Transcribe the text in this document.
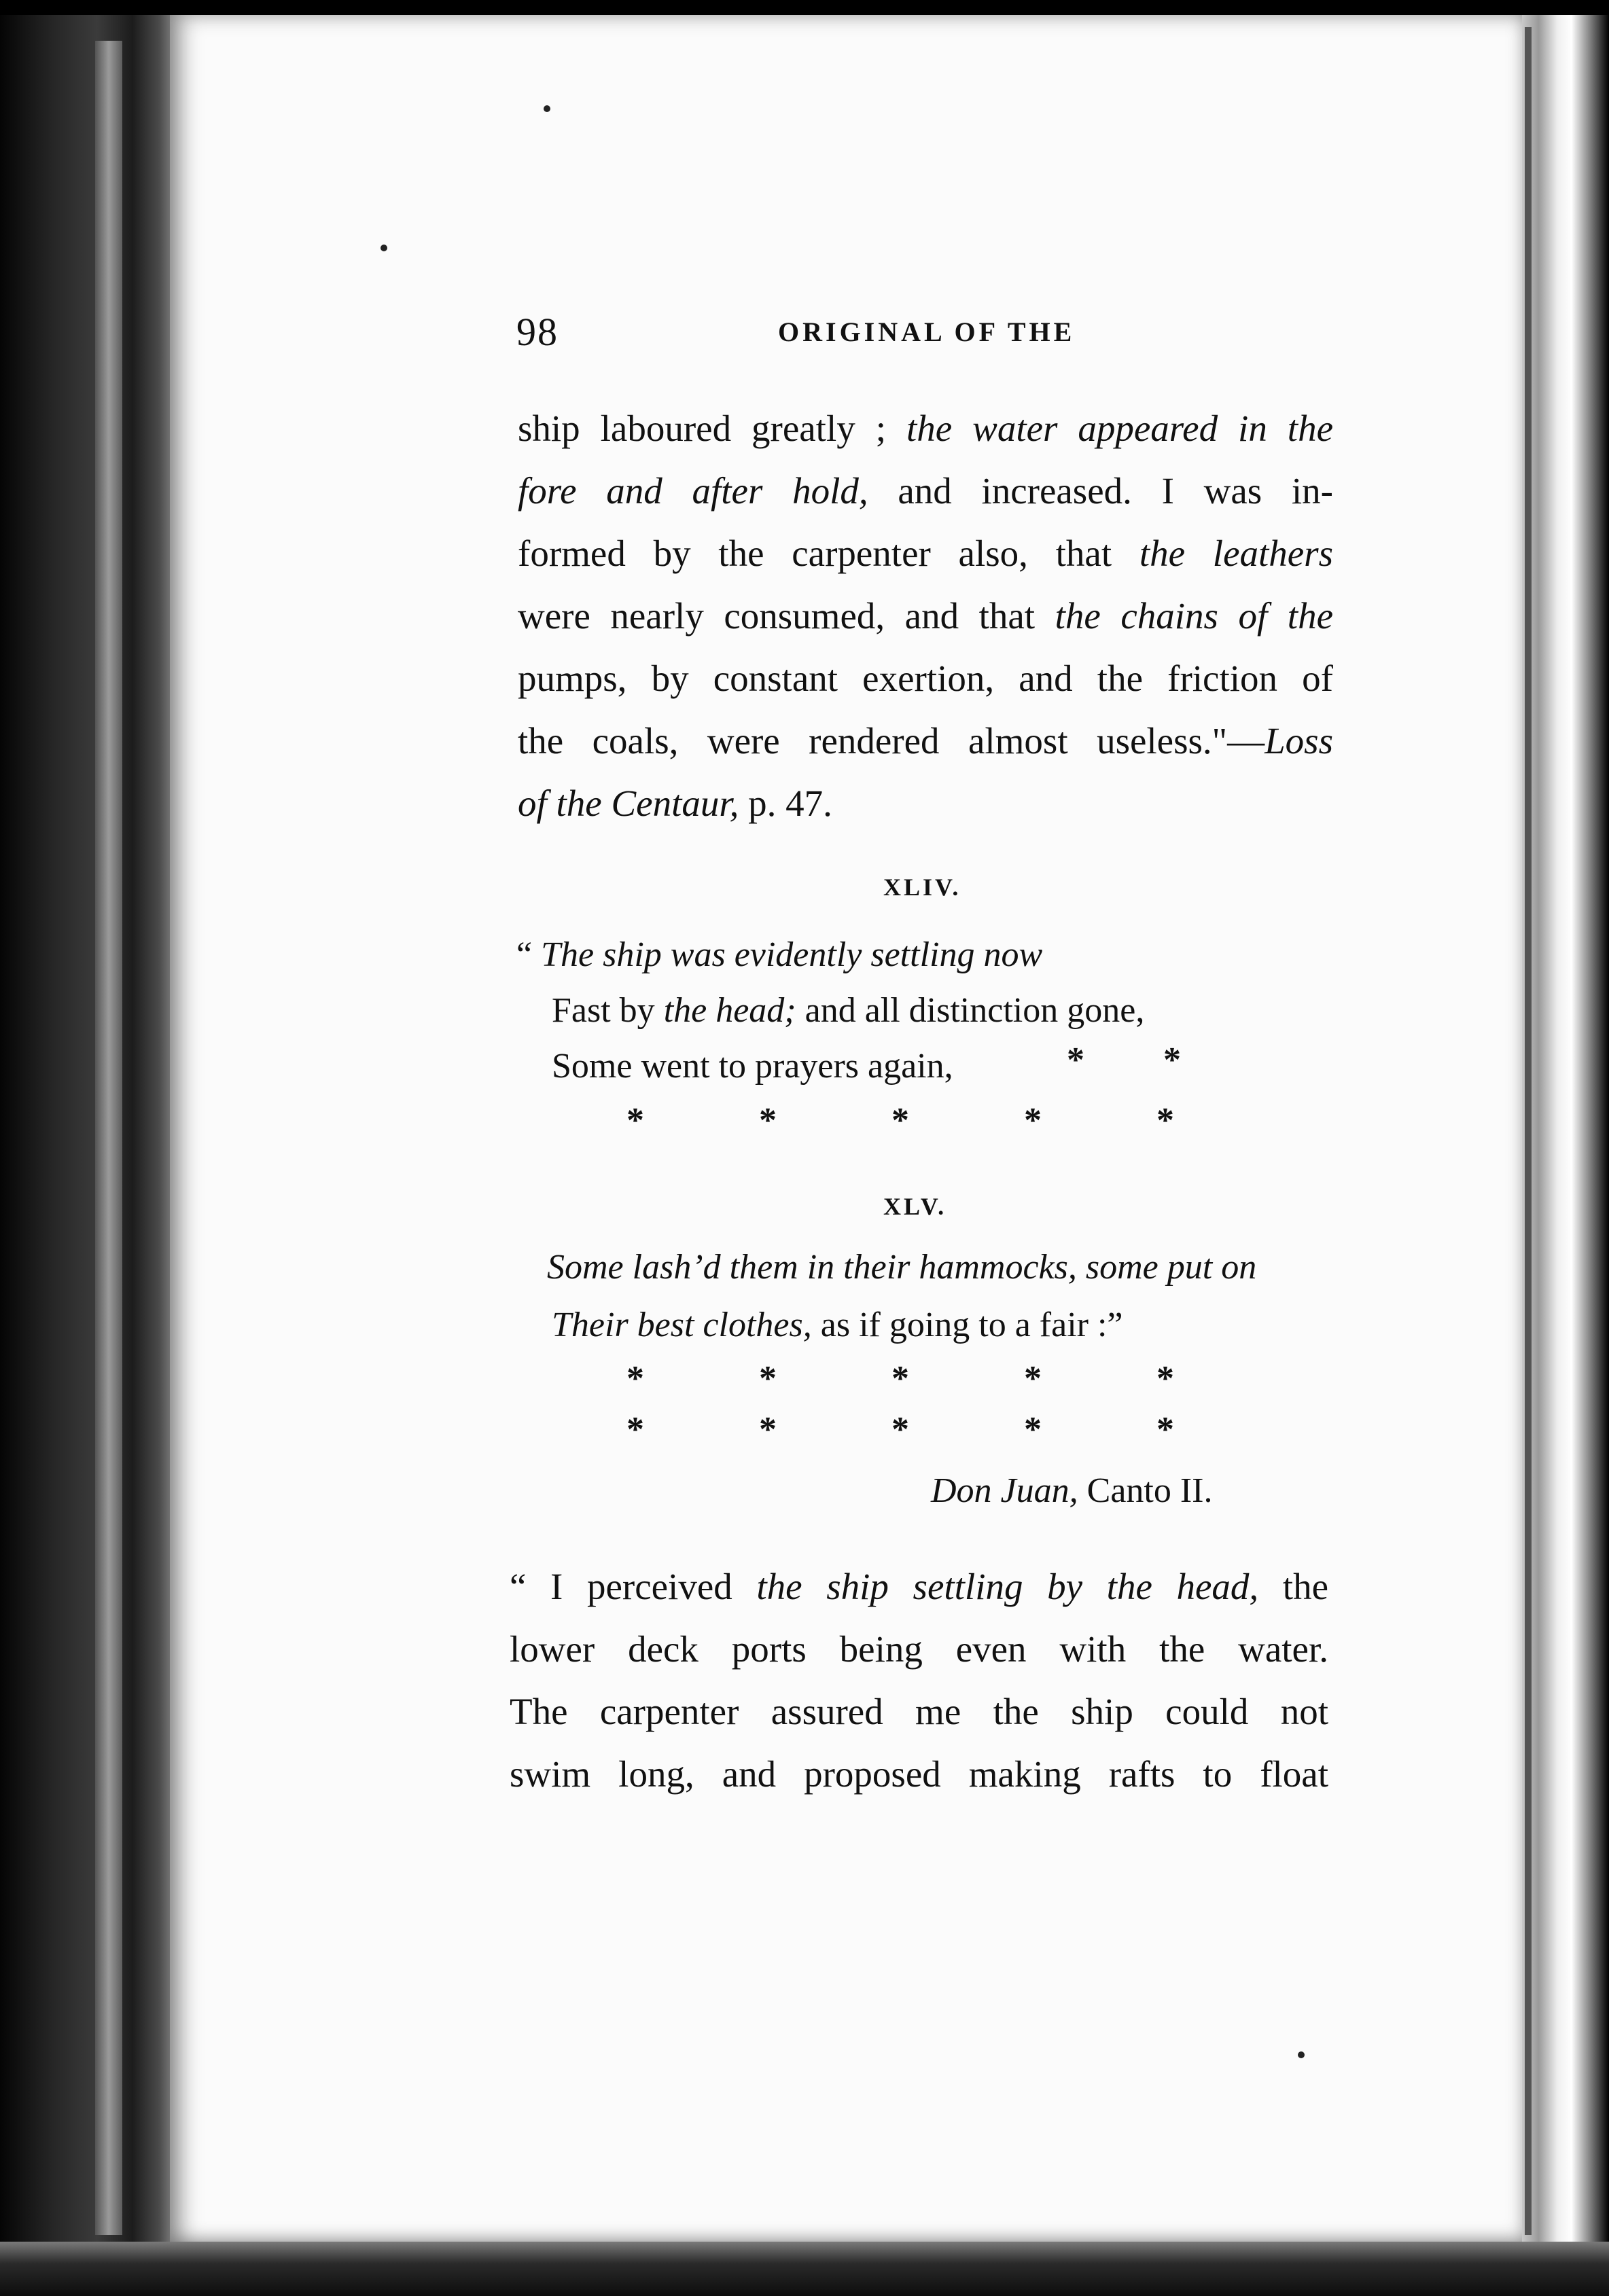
98	ORIGINAL OF THE
ship laboured greatly ; the water appeared in the
fore and after hold, and increased. I was in-
formed by the carpenter also, that the leathers
were nearly consumed, and that the chains of the
pumps, by constant exertion, and the friction of
the coals, were rendered almost useless."—Loss
of the Centaur, p. 47.
XLIV.
“ The ship was evidently settling now
Fast by the head; and all distinction gone,
Some went to prayers again,	* *
*	*	*	*	*
XLV.
Some lash’d them in their hammocks, some put on
Their best clothes, as if going to a fair :”
*	*	*	*	*
*	*	*	*	*
Don Juan, Canto II.
“ I perceived the ship settling by the head, the
lower deck ports being even with the water.
The carpenter assured me the ship could not
swim long, and proposed making rafts to float
